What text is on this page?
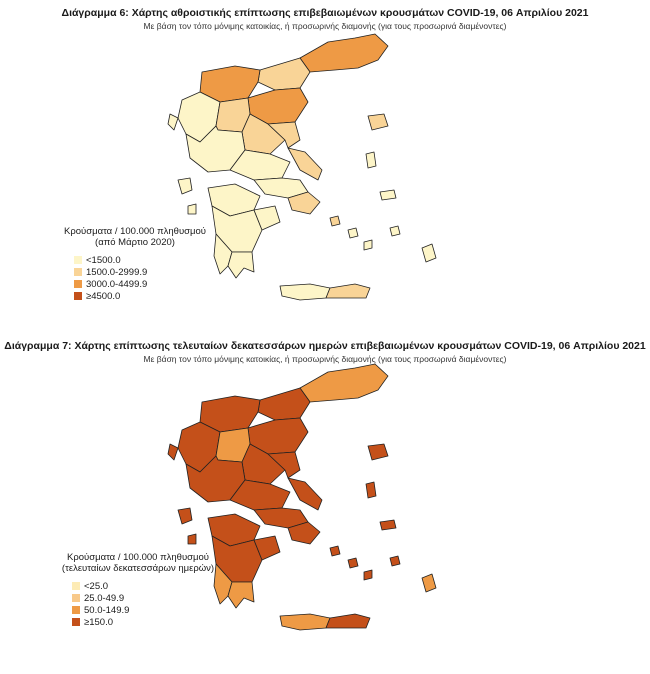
Διάγραμμα 6: Χάρτης αθροιστικής επίπτωσης επιβεβαιωμένων κρουσμάτων COVID-19, 06 Απριλίου 2021
Με βάση τον τόπο μόνιμης κατοικίας, ή προσωρινής διαμονής (για τους προσωρινά διαμένοντες)
Κρούσματα / 100.000 πληθυσμού
(από Μάρτιο 2020)
<1500.0
1500.0-2999.9
3000.0-4499.9
≥4500.0
Διάγραμμα 7: Χάρτης επίπτωσης τελευταίων δεκατεσσάρων ημερών επιβεβαιωμένων κρουσμάτων COVID-19, 06 Απριλίου 2021
Με βάση τον τόπο μόνιμης κατοικίας, ή προσωρινής διαμονής (για τους προσωρινά διαμένοντες)
Κρούσματα / 100.000 πληθυσμού
(τελευταίων δεκατεσσάρων ημερών)
<25.0
25.0-49.9
50.0-149.9
≥150.0
